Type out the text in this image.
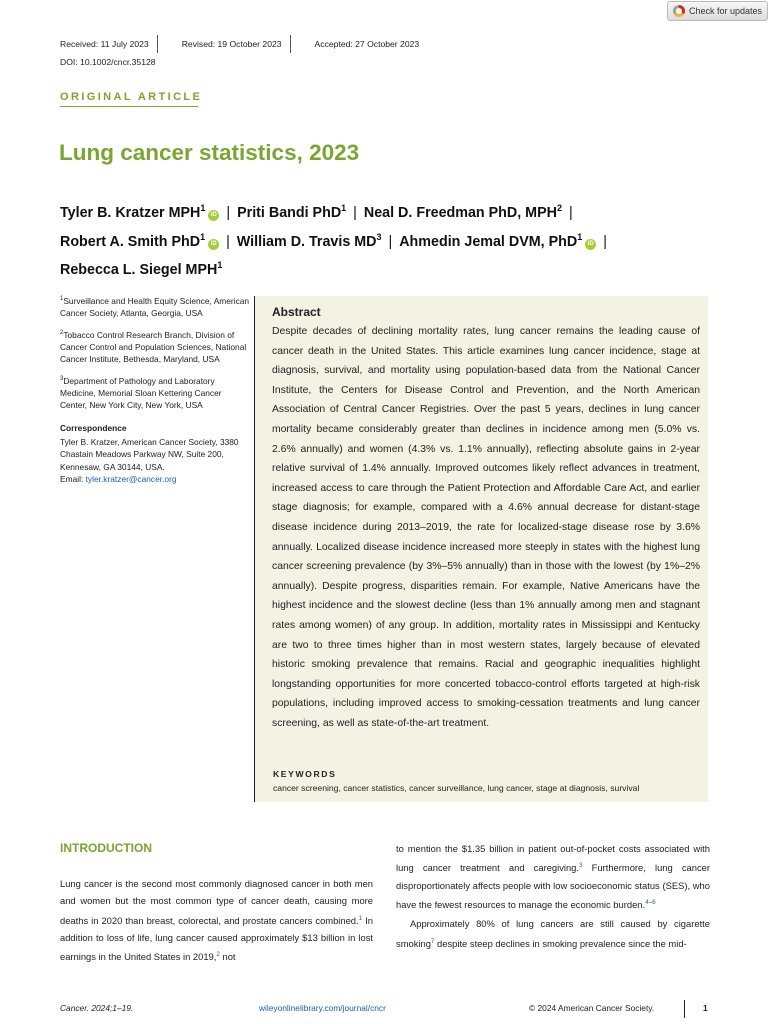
Check for updates
Received: 11 July 2023	Revised: 19 October 2023	Accepted: 27 October 2023
DOI: 10.1002/cncr.35128
ORIGINAL ARTICLE
Lung cancer statistics, 2023
Tyler B. Kratzer MPH$^1$iD | Priti Bandi PhD$^1$ | Neal D. Freedman PhD, MPH$^2$ |
Robert A. Smith PhD$^1$iD | William D. Travis $MD^3$ | Ahmedin Jemal DVM, PhD$^1$iD |
Rebecca L. Siegel MPH$^1$

$^1$Surveillance and Health Equity Science, American Cancer Society, Atlanta, Georgia, USA

$^2$Tobacco Control Research Branch, Division of Cancer Control and Population Sciences, National Cancer Institute, Bethesda, Maryland, USA

$^3$Department of Pathology and Laboratory Medicine, Memorial Sloan Kettering Cancer Center, New York City, New York, USA

Correspondence

Tyler B. Kratzer, American Cancer Society, 3380 Chastain Meadows Parkway NW, Suite 200, Kennesaw, GA 30144, USA.
Email: tyler.kratzer@cancer.org

Abstract
Despite decades of declining mortality rates, lung cancer remains the leading cause of cancer death in the United States. This article examines lung cancer incidence, stage at diagnosis, survival, and mortality using population-based data from the National Cancer Institute, the Centers for Disease Control and Prevention, and the North American Association of Central Cancer Registries. Over the past 5 years, declines in lung cancer mortality became considerably greater than declines in incidence among men (5.0% vs. 2.6% annually) and women (4.3% vs. 1.1% annually), reflecting absolute gains in 2-year relative survival of 1.4% annually. Improved outcomes likely reflect advances in treatment, increased access to care through the Patient Protection and Affordable Care Act, and earlier stage diagnosis; for example, compared with a 4.6% annual decrease for distant-stage disease incidence during 2013–2019, the rate for localized-stage disease rose by 3.6% annually. Localized disease incidence increased more steeply in states with the highest lung cancer screening prevalence (by 3%–5% annually) than in those with the lowest (by 1%–2% annually). Despite progress, disparities remain. For example, Native Americans have the highest incidence and the slowest decline (less than 1% annually among men and stagnant rates among women) of any group. In addition, mortality rates in Mississippi and Kentucky are two to three times higher than in most western states, largely because of elevated historic smoking prevalence that remains. Racial and geographic inequalities highlight longstanding opportunities for more concerted tobacco-control efforts targeted at high-risk populations, including improved access to smoking-cessation treatments and lung cancer screening, as well as state-of-the-art treatment.
KEYWORDS
cancer screening, cancer statistics, cancer surveillance, lung cancer, stage at diagnosis, survival
INTRODUCTION

Lung cancer is the second most commonly diagnosed cancer in both men and women but the most common type of cancer death, causing more deaths in 2020 than breast, colorectal, and prostate cancers combined.$^1$ In addition to loss of life, lung cancer caused approximately $13 billion in lost earnings in the United States in 2019,$^2$ not

to mention the $1.35 billion in patient out-of-pocket costs associated with lung cancer treatment and caregiving.$^3$ Furthermore, lung cancer disproportionately affects people with low socioeconomic status (SES), who have the fewest resources to manage the economic burden.$^{4-6}$

Approximately 80% of lung cancers are still caused by cigarette smoking$^7$ despite steep declines in smoking prevalence since the mid-

Cancer. 2024;1–19.	wileyonlinelibrary.com/journal/cncr	© 2024 American Cancer Society.	1
